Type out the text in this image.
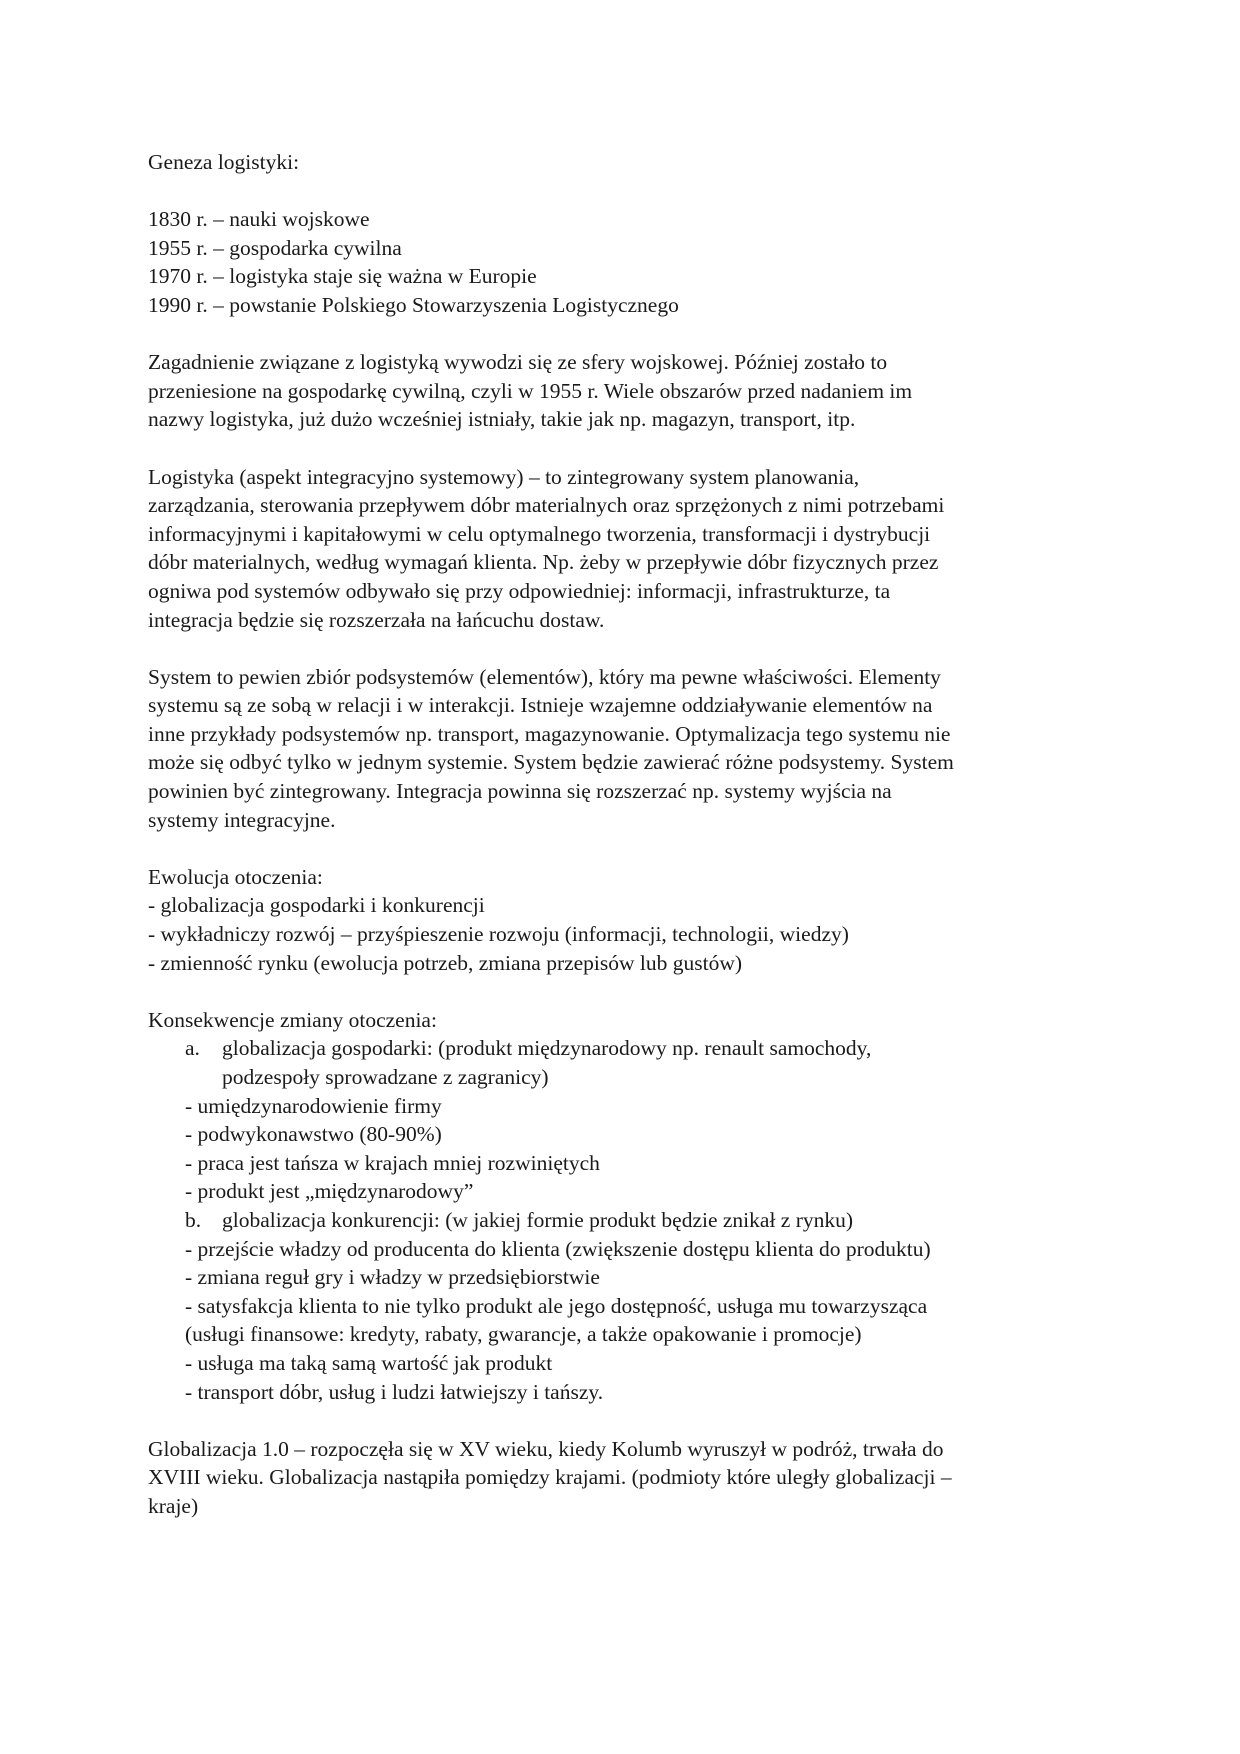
Geneza logistyki:
1830 r. – nauki wojskowe
1955 r. – gospodarka cywilna
1970 r. – logistyka staje się ważna w Europie
1990 r. – powstanie Polskiego Stowarzyszenia Logistycznego

Zagadnienie związane z logistyką wywodzi się ze sfery wojskowej. Później zostało to
przeniesione na gospodarkę cywilną, czyli w 1955 r. Wiele obszarów przed nadaniem im
nazwy logistyka, już dużo wcześniej istniały, takie jak np. magazyn, transport, itp.

Logistyka (aspekt integracyjno systemowy) – to zintegrowany system planowania,
zarządzania, sterowania przepływem dóbr materialnych oraz sprzężonych z nimi potrzebami
informacyjnymi i kapitałowymi w celu optymalnego tworzenia, transformacji i dystrybucji
dóbr materialnych, według wymagań klienta. Np. żeby w przepływie dóbr fizycznych przez
ogniwa pod systemów odbywało się przy odpowiedniej: informacji, infrastrukturze, ta
integracja będzie się rozszerzała na łańcuchu dostaw.

System to pewien zbiór podsystemów (elementów), który ma pewne właściwości. Elementy
systemu są ze sobą w relacji i w interakcji. Istnieje wzajemne oddziaływanie elementów na
inne przykłady podsystemów np. transport, magazynowanie. Optymalizacja tego systemu nie
może się odbyć tylko w jednym systemie. System będzie zawierać różne podsystemy. System
powinien być zintegrowany. Integracja powinna się rozszerzać np. systemy wyjścia na
systemy integracyjne.

Ewolucja otoczenia:
- globalizacja gospodarki i konkurencji
- wykładniczy rozwój – przyśpieszenie rozwoju (informacji, technologii, wiedzy)
- zmienność rynku (ewolucja potrzeb, zmiana przepisów lub gustów)
Konsekwencje zmiany otoczenia:
a.	globalizacja gospodarki: (produkt międzynarodowy np. renault samochody,
podzespoły sprowadzane z zagranicy)
- umiędzynarodowienie firmy
- podwykonawstwo (80-90%)
- praca jest tańsza w krajach mniej rozwiniętych
- produkt jest „międzynarodowy”
b. globalizacja konkurencji: (w jakiej formie produkt będzie znikał z rynku)
- przejście władzy od producenta do klienta (zwiększenie dostępu klienta do produktu)
- zmiana reguł gry i władzy w przedsiębiorstwie
- satysfakcja klienta to nie tylko produkt ale jego dostępność, usługa mu towarzysząca
(usługi finansowe: kredyty, rabaty, gwarancje, a także opakowanie i promocje)
- usługa ma taką samą wartość jak produkt
- transport dóbr, usług i ludzi łatwiejszy i tańszy.

Globalizacja 1.0 – rozpoczęła się w XV wieku, kiedy Kolumb wyruszył w podróż, trwała do
XVIII wieku. Globalizacja nastąpiła pomiędzy krajami. (podmioty które uległy globalizacji –
kraje)
